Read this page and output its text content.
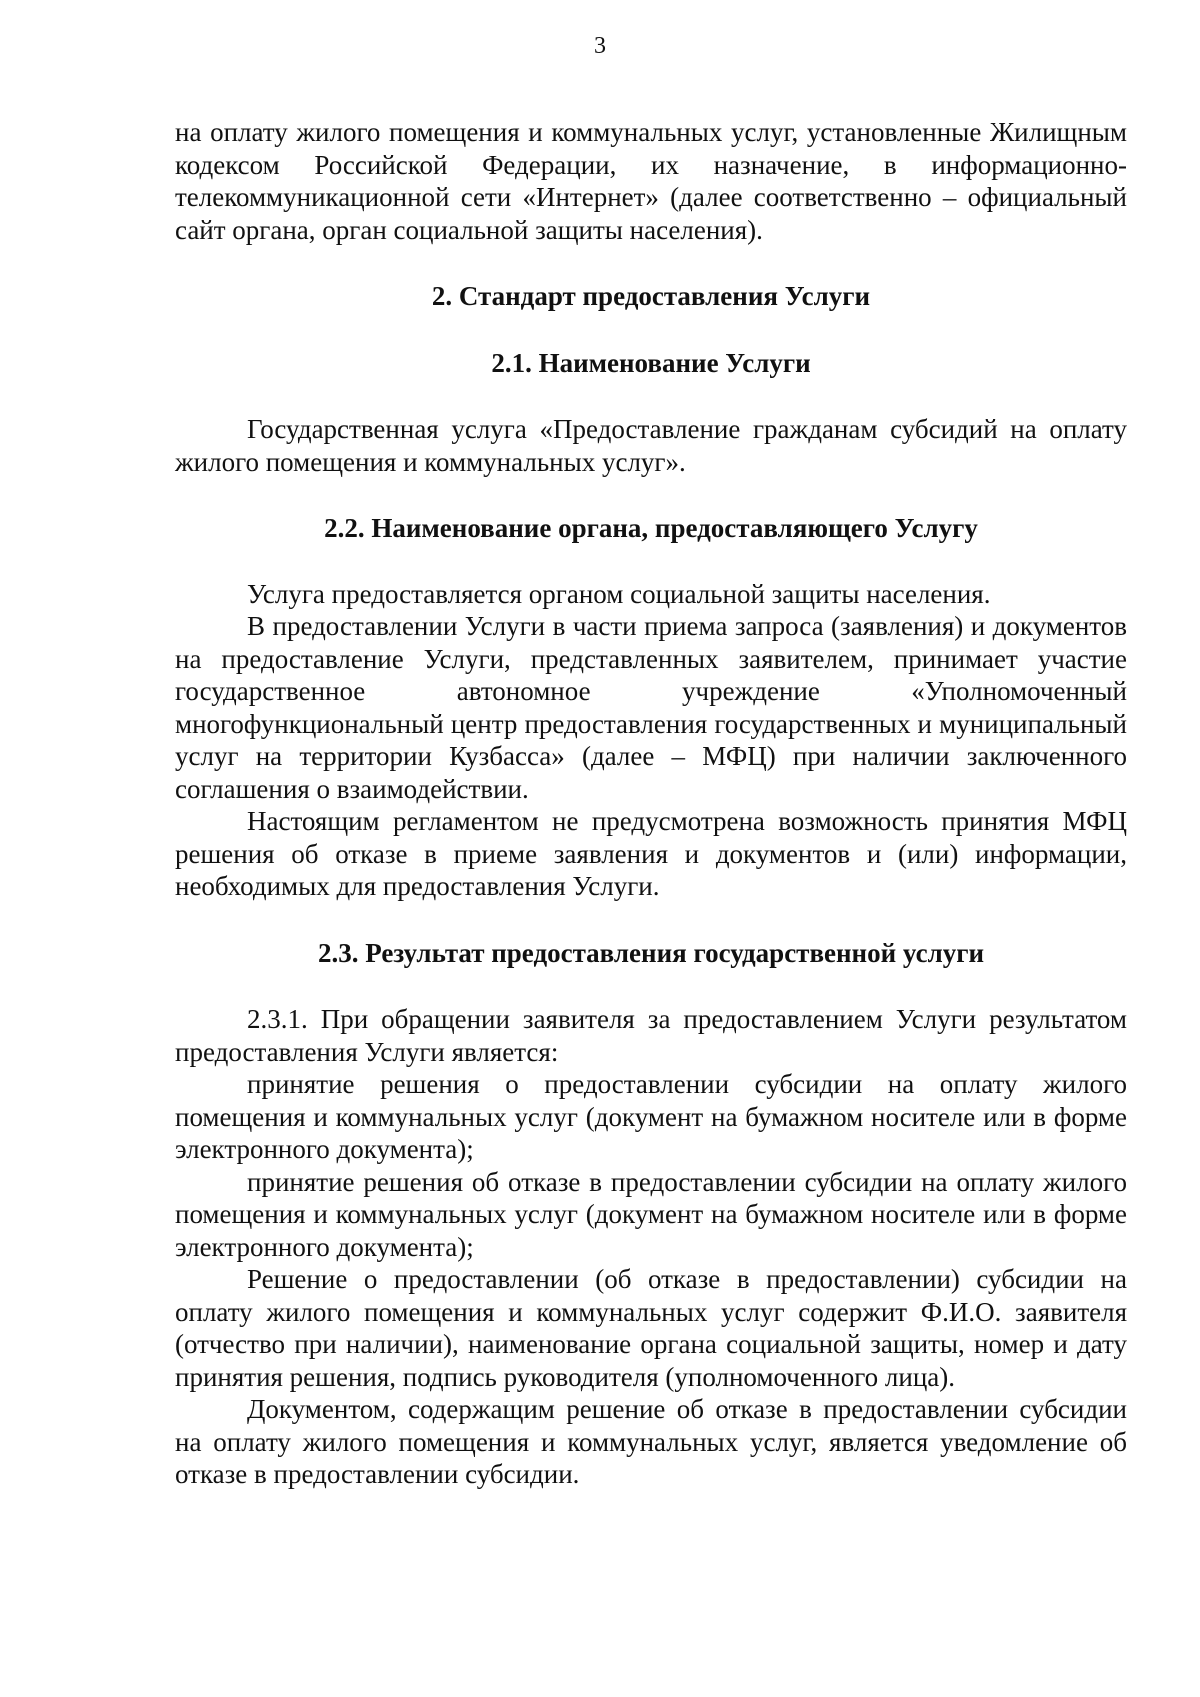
3

на оплату жилого помещения и коммунальных услуг, установленные Жилищным кодексом Российской Федерации, их назначение, в информационно-телекоммуникационной сети «Интернет» (далее соответственно – официальный сайт органа, орган социальной защиты населения).

2. Стандарт предоставления Услуги
2.1. Наименование Услуги

Государственная услуга «Предоставление гражданам субсидий на оплату жилого помещения и коммунальных услуг».

2.2. Наименование органа, предоставляющего Услугу

Услуга предоставляется органом социальной защиты населения.

В предоставлении Услуги в части приема запроса (заявления) и документов на предоставление Услуги, представленных заявителем, принимает участие государственное автономное учреждение «Уполномоченный многофункциональный центр предоставления государственных и муниципальный услуг на территории Кузбасса» (далее – МФЦ) при наличии заключенного соглашения о взаимодействии.

Настоящим регламентом не предусмотрена возможность принятия МФЦ решения об отказе в приеме заявления и документов и (или) информации, необходимых для предоставления Услуги.

2.3. Результат предоставления государственной услуги

2.3.1. При обращении заявителя за предоставлением Услуги результатом предоставления Услуги является:

принятие решения о предоставлении субсидии на оплату жилого помещения и коммунальных услуг (документ на бумажном носителе или в форме электронного документа);

принятие решения об отказе в предоставлении субсидии на оплату жилого помещения и коммунальных услуг (документ на бумажном носителе или в форме электронного документа);

Решение о предоставлении (об отказе в предоставлении) субсидии на оплату жилого помещения и коммунальных услуг содержит Ф.И.О. заявителя (отчество при наличии), наименование органа социальной защиты, номер и дату принятия решения, подпись руководителя (уполномоченного лица).

Документом, содержащим решение об отказе в предоставлении субсидии на оплату жилого помещения и коммунальных услуг, является уведомление об отказе в предоставлении субсидии.
